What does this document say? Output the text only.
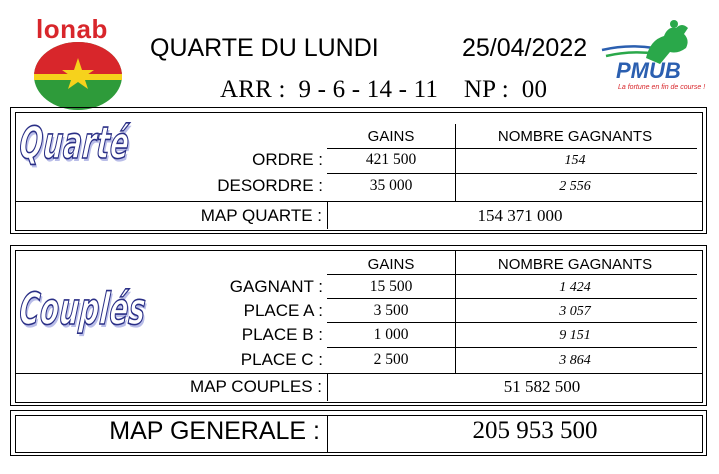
lonab
QUARTE DU LUNDI	25/04/2022
ARR :  9 - 6 - 14 - 11    NP :  00
PMUB
La fortune en fin de course !
Quarté	GAINS	NOMBRE GAGNANTS
ORDRE :	421 500	154
DESORDRE :	35 000	2 556
MAP QUARTE :	154 371 000
Couplés
GAINS	NOMBRE GAGNANTS
GAGNANT :	15 500	1 424
PLACE A :	3 500	3 057
PLACE B :	1 000	9 151
PLACE C :	2 500	3 864
MAP COUPLES :	51 582 500
MAP GENERALE :	205 953 500
